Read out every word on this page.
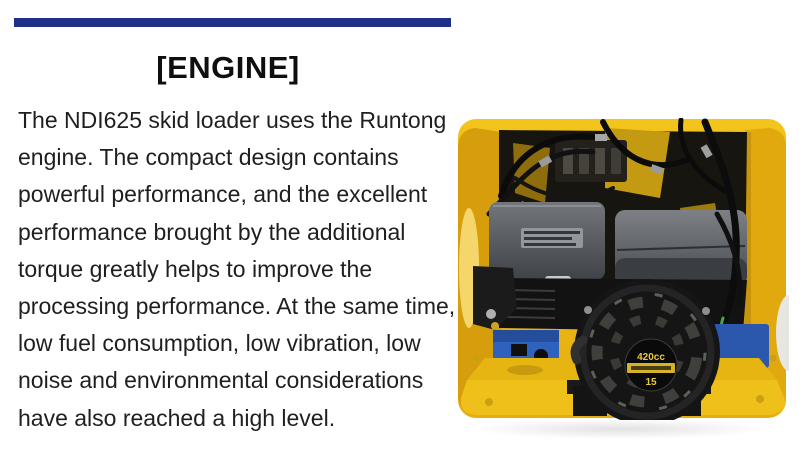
[ENGINE]
The NDI625 skid loader uses the Runtong
engine. The compact design contains
powerful performance, and the excellent
performance brought by the additional
torque greatly helps to improve the
processing performance. At the same time,
low fuel consumption, low vibration, low
noise and environmental considerations
have also reached a high level.
420cc
15
